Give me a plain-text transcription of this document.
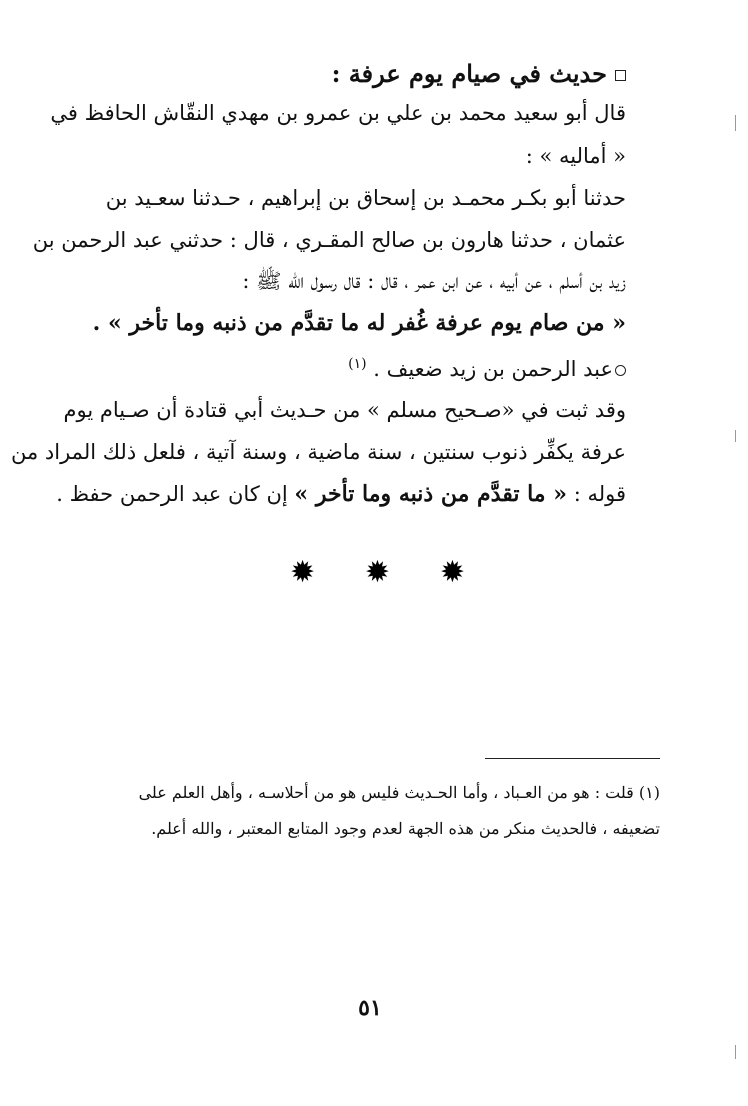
حديث في صيام يوم عرفة :
قال أبو سعيد محمد بن علي بن عمرو بن مهدي النقّاش الحافظ في
« أماليه » :
حدثنا أبو بكـر محمـد بن إسحاق بن إبراهيم ، حـدثنا سعـيد بن
عثمان ، حدثنا هارون بن صالح المقـري ، قال : حدثني عبد الرحمن بن
زيد بن أسلم ، عن أبيه ، عن ابن عمر ، قال : قال رسول الله ﷺ :
« من صام يوم عرفة غُفر له ما تقدَّم من ذنبه وما تأخر » .
عبد الرحمن بن زيد ضعيف . $^{(١)}$
وقد ثبت في «صـحيح مسلم » من حـديث أبي قتادة أن صـيام يوم
عرفة يكفِّر ذنوب سنتين ، سنة ماضية ، وسنة آتية ، فلعل ذلك المراد من
قوله : « ما تقدَّم من ذنبه وما تأخر » إن كان عبد الرحمن حفظ .
✹ ✹ ✹
(١) قلت : هو من العـباد ، وأما الحـديث فليس هو من أحلاسـه ، وأهل العلم على
تضعيفه ، فالحديث منكر من هذه الجهة لعدم وجود المتابع المعتبر ، والله أعلم.
٥١
